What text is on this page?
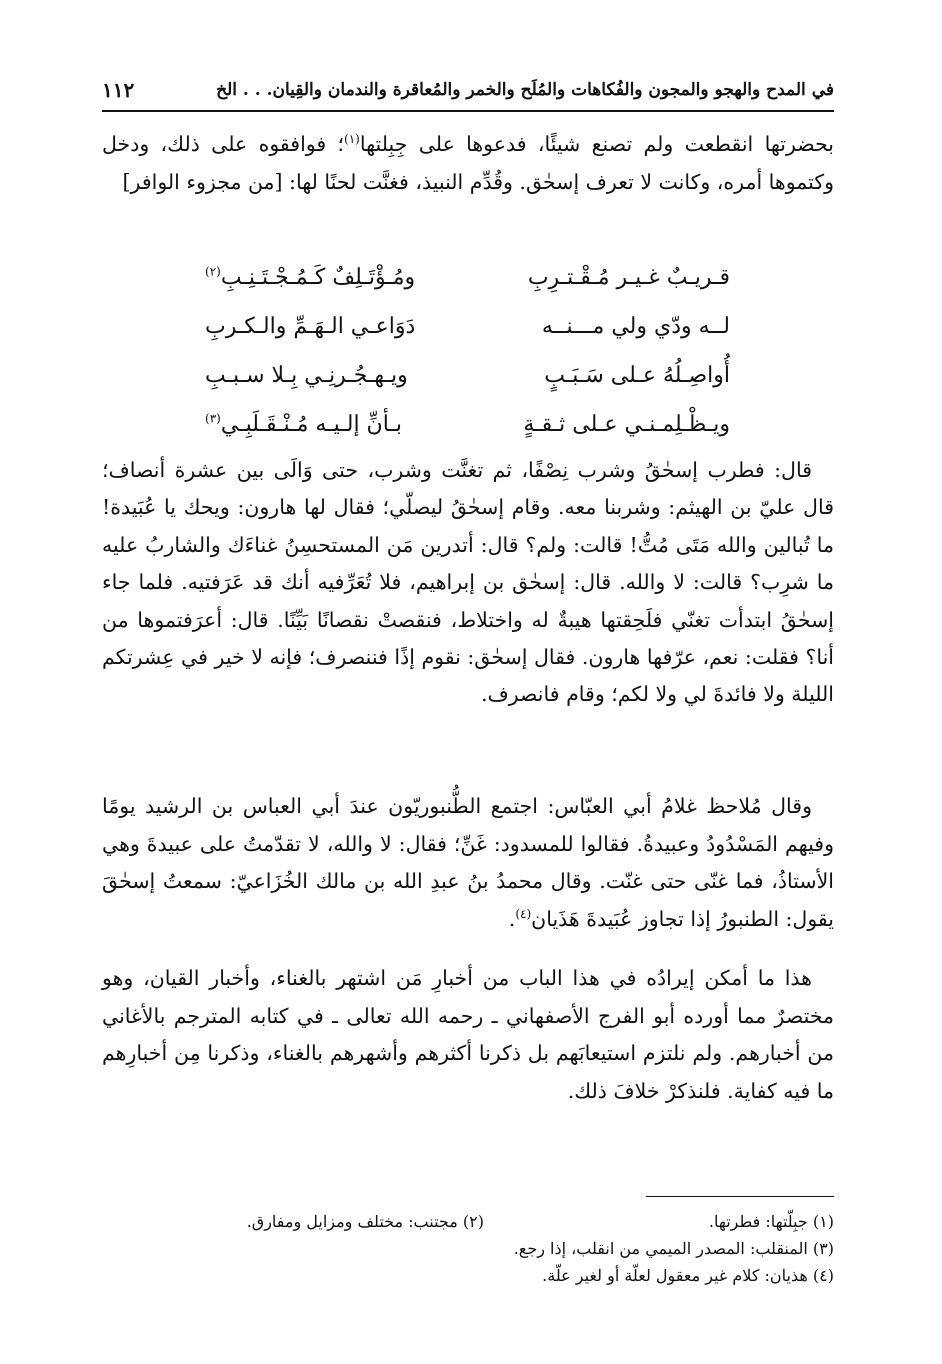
١١٢	في المدح والهجو والمجون والفُكاهات والمُلَح والخمر والمُعاقرة والندمان والقِيان. . . الخ

بحضرتها انقطعت ولم تصنع شيئًا، فدعوها على جِبِلتها$^{(١)}$؛ فوافقوه على ذلك، ودخل وكتموها أمره، وكانت لا تعرف إسحٰق. وقُدِّم النبيذ، فغنَّت لحنًا لها: [من مجزوء الوافر]

قـريـبٌ غـيـر مُـقْـتـرِبِ
ومُـؤْتَـلِفٌ كَـمُـجْـتَـنِـبِ$^{(٢)}$
لــه ودّي ولي مـــنــه
دَوَاعـي الـهَـمِّ والـكـربِ
أُواصِـلُهُ عـلى سَـبَـبٍ
ويـهـجُـرنِـي بِـلا سـبـبِ
ويـظْـلِمـنـي عـلى ثـقـةٍ
بـأنِّ إلـيـه مُـنْـقَـلَبِـي$^{(٣)}$

قال: فطرب إسحٰقُ وشرب نِصْفًا، ثم تغنَّت وشرب، حتى وَالَى بين عشرة أنصاف؛ قال عليّ بن الهيثم: وشربنا معه. وقام إسحٰقُ ليصلّي؛ فقال لها هارون: ويحك يا عُبَيدة! ما تُبالين والله مَتَى مُتُّ! قالت: ولم؟ قال: أتدرين مَن المستحسِنُ غناءَك والشاربُ عليه ما شرِب؟ قالت: لا والله. قال: إسحٰق بن إبراهيم، فلا تُعَرِّفيه أنك قد عَرَفتيه. فلما جاء إسحٰقُ ابتدأت تغنّي فلَحِقتها هيبةٌ له واختلاط، فنقصتْ نقصانًا بَيِّنًا. قال: أعرَفتموها من أنا؟ فقلت: نعم، عرّفها هارون. فقال إسحٰق: نقوم إذًا فننصرف؛ فإنه لا خير في عِشرتكم الليلة ولا فائدةَ لي ولا لكم؛ وقام فانصرف.

وقال مُلاحظ غلامُ أبي العبّاس: اجتمع الطُّنبوريّون عندَ أبي العباس بن الرشيد يومًا وفيهم المَسْدُودُ وعبيدةُ. فقالوا للمسدود: غَنِّ؛ فقال: لا والله، لا تقدّمتُ على عبيدةَ وهي الأستاذُ، فما غنّى حتى غنّت. وقال محمدُ بنُ عبدِ الله بن مالك الخُزَاعيّ: سمعتُ إسحٰقَ يقول: الطنبورُ إذا تجاوز عُبَيدةَ هَذَيان$^{(٤)}$.

هذا ما أمكن إيرادُه في هذا الباب من أخبارِ مَن اشتهر بالغناء، وأخبار القيان، وهو مختصرٌ مما أورده أبو الفرج الأصفهاني ـ رحمه الله تعالى ـ في كتابه المترجم بالأغاني من أخبارهم. ولم نلتزم استيعابَهم بل ذكرنا أكثرهم وأشهرهم بالغناء، وذكرنا مِن أخبارِهم ما فيه كفاية. فلنذكرْ خلافَ ذلك.

(١) جبِلّتها: فطرتها.
(٢) مجتنب: مختلف ومزايل ومفارق.
(٣) المنقلب: المصدر الميمي من انقلب، إذا رجع.
(٤) هذيان: كلام غير معقول لعلّة أو لغير علّة.
